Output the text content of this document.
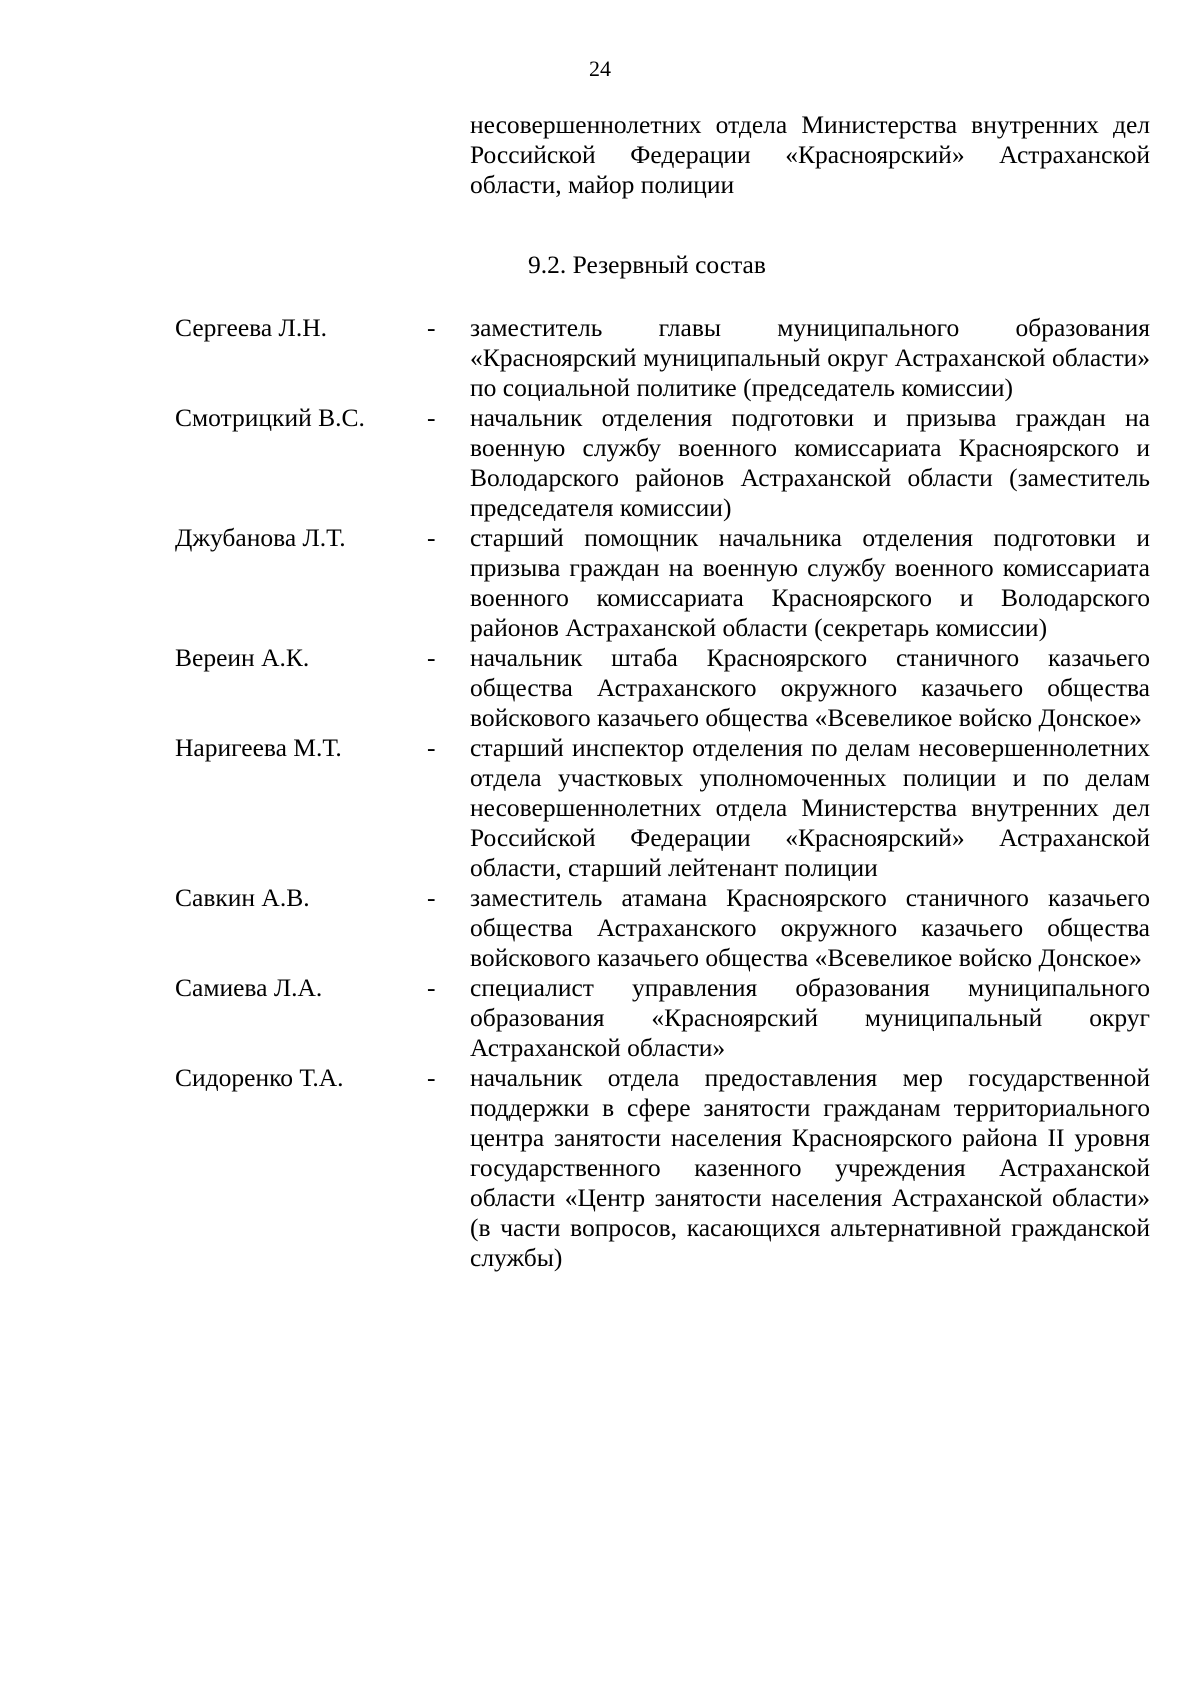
24
несовершеннолетних отдела Министерства внутренних дел Российской Федерации «Красноярский» Астраханской области, майор полиции
9.2. Резервный состав
Сергеева Л.Н.	-	заместитель главы муниципального образования «Красноярский муниципальный округ Астраханской области» по социальной политике (председатель комиссии)
Смотрицкий В.С.	-	начальник отделения подготовки и призыва граждан на военную службу военного комиссариата Красноярского и Володарского районов Астраханской области (заместитель председателя комиссии)
Джубанова Л.Т.	-	старший помощник начальника отделения подготовки и призыва граждан на военную службу военного комиссариата военного комиссариата Красноярского и Володарского районов Астраханской области (секретарь комиссии)
Вереин А.К.	-	начальник штаба Красноярского станичного казачьего общества Астраханского окружного казачьего общества войскового казачьего общества «Всевеликое войско Донское»
Наригеева М.Т.	-	старший инспектор отделения по делам несовершеннолетних отдела участковых уполномоченных полиции и по делам несовершеннолетних отдела Министерства внутренних дел Российской Федерации «Красноярский» Астраханской области, старший лейтенант полиции
Савкин А.В.	-	заместитель атамана Красноярского станичного казачьего общества Астраханского окружного казачьего общества войскового казачьего общества «Всевеликое войско Донское»
Самиева Л.А.	-	специалист управления образования муниципального образования «Красноярский муниципальный округ Астраханской области»
Сидоренко Т.А.	-	начальник отдела предоставления мер государственной поддержки в сфере занятости гражданам территориального центра занятости населения Красноярского района II уровня государственного казенного учреждения Астраханской области «Центр занятости населения Астраханской области» (в части вопросов, касающихся альтернативной гражданской службы)
